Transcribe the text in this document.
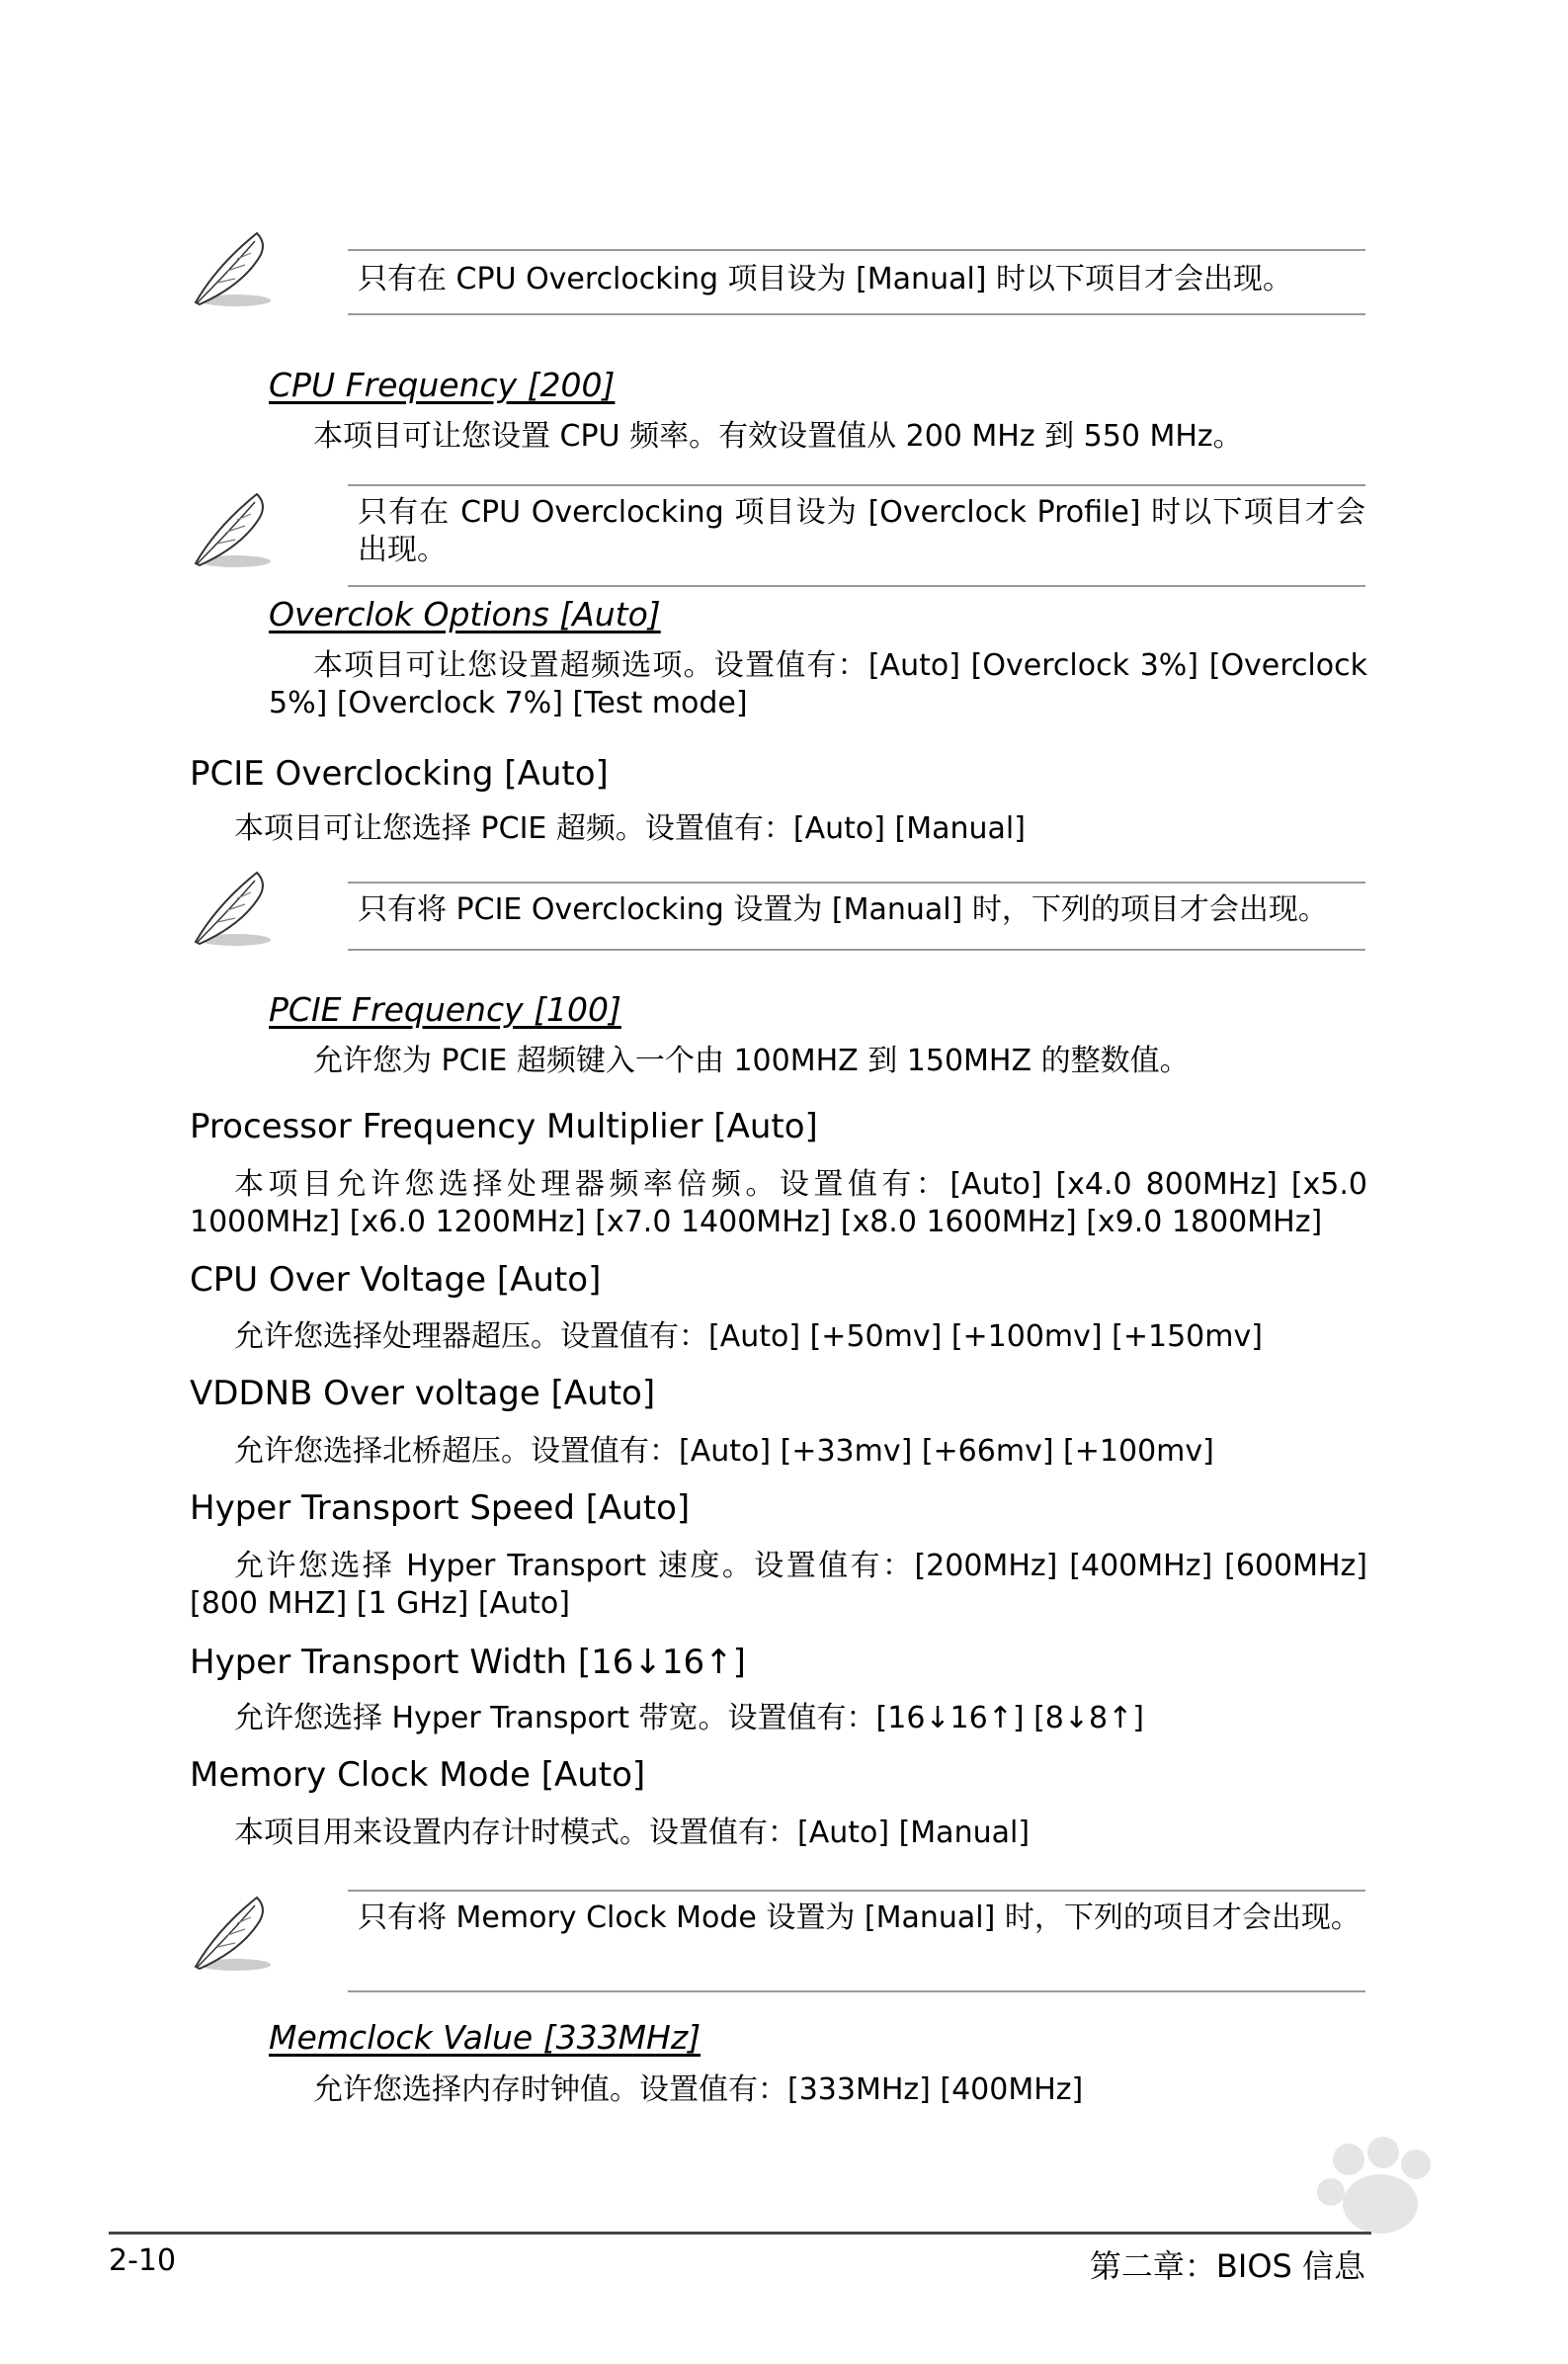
只有在 CPU Overclocking 项目设为 [Manual] 时以下项目才会出现。
CPU Frequency [200]
本项目可让您设置 CPU 频率。有效设置值从 200 MHz 到 550 MHz。
只有在 CPU Overclocking 项目设为 [Overclock Profile] 时以下项目才会出现。
Overclok Options [Auto]
本项目可让您设置超频选项。设置值有：[Auto] [Overclock 3%] [Overclock 5%] [Overclock 7%] [Test mode]
PCIE Overclocking [Auto]
本项目可让您选择 PCIE 超频。设置值有：[Auto] [Manual]
只有将 PCIE Overclocking 设置为 [Manual] 时，下列的项目才会出现。
PCIE Frequency [100]
允许您为 PCIE 超频键入一个由 100MHZ 到 150MHZ 的整数值。
Processor Frequency Multiplier [Auto]
本项目允许您选择处理器频率倍频。设置值有：[Auto] [x4.0 800MHz] [x5.0 1000MHz] [x6.0 1200MHz] [x7.0 1400MHz] [x8.0 1600MHz] [x9.0 1800MHz]
CPU Over Voltage [Auto]
允许您选择处理器超压。设置值有：[Auto] [+50mv] [+100mv] [+150mv]
VDDNB Over voltage [Auto]
允许您选择北桥超压。设置值有：[Auto] [+33mv] [+66mv] [+100mv]
Hyper Transport Speed [Auto]
允许您选择 Hyper Transport 速度。设置值有：[200MHz] [400MHz] [600MHz] [800 MHZ] [1 GHz] [Auto]
Hyper Transport Width [16↓16↑]
允许您选择 Hyper Transport 带宽。设置值有：[16↓16↑] [8↓8↑]
Memory Clock Mode [Auto]
本项目用来设置内存计时模式。设置值有：[Auto] [Manual]
只有将 Memory Clock Mode 设置为 [Manual] 时，下列的项目才会出现。
Memclock Value [333MHz]
允许您选择内存时钟值。设置值有：[333MHz] [400MHz]
2-10	第二章：BIOS 信息
